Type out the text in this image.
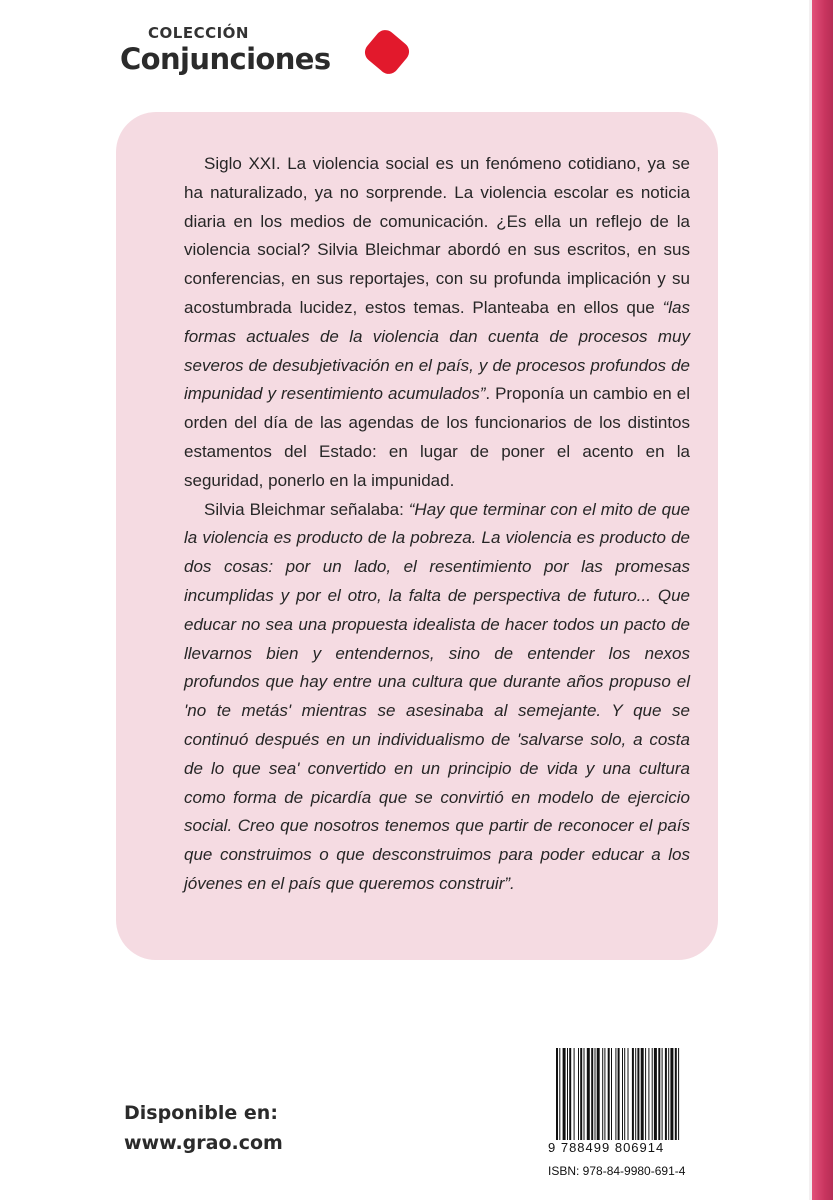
COLECCIÓN
Conjunciones

Siglo XXI. La violencia social es un fenómeno cotidiano, ya se ha naturalizado, ya no sorprende. La violencia escolar es noticia diaria en los medios de comunicación. ¿Es ella un reflejo de la violencia social? Silvia Bleichmar abordó en sus escritos, en sus conferencias, en sus reportajes, con su profunda implicación y su acostumbrada lucidez, estos temas. Planteaba en ellos que “las formas actuales de la violencia dan cuenta de procesos muy severos de desubjetivación en el país, y de procesos profundos de impunidad y resentimiento acumulados”. Proponía un cambio en el orden del día de las agendas de los funcionarios de los distintos estamentos del Estado: en lugar de poner el acento en la seguridad, ponerlo en la impunidad.

Silvia Bleichmar señalaba: “Hay que terminar con el mito de que la violencia es producto de la pobreza. La violencia es producto de dos cosas: por un lado, el resentimiento por las promesas incumplidas y por el otro, la falta de perspectiva de futuro... Que educar no sea una propuesta idealista de hacer todos un pacto de llevarnos bien y entendernos, sino de entender los nexos profundos que hay entre una cultura que durante años propuso el 'no te metás' mientras se asesinaba al semejante. Y que se continuó después en un individualismo de 'salvarse solo, a costa de lo que sea' convertido en un principio de vida y una cultura como forma de picardía que se convirtió en modelo de ejercicio social. Creo que nosotros tenemos que partir de reconocer el país que construimos o que desconstruimos para poder educar a los jóvenes en el país que queremos construir”.

Disponible en:
www.grao.com	9 788499 806914
ISBN: 978-84-9980-691-4
